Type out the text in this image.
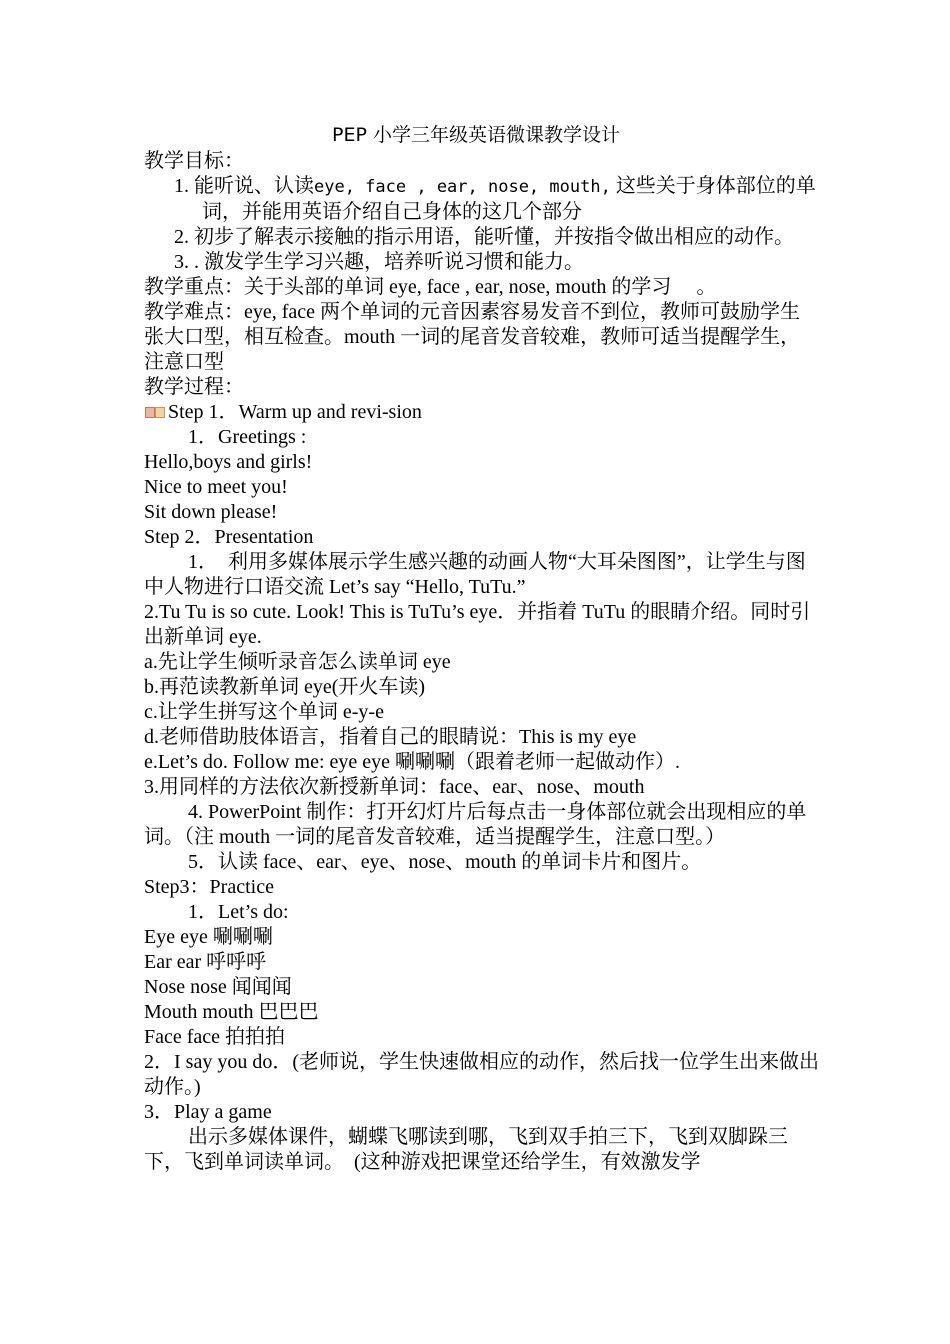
PEP 小学三年级英语微课教学设计

教学目标：

1. 能听说、认读eye, face , ear, nose, mouth, 这些关于身体部位的单词，并能用英语介绍自己身体的这几个部分

2. 初步了解表示接触的指示用语，能听懂，并按指令做出相应的动作。

3. . 激发学生学习兴趣，培养听说习惯和能力。

教学重点：关于头部的单词 eye, face , ear, nose, mouth 的学习　 。

教学难点：eye, face 两个单词的元音因素容易发音不到位，教师可鼓励学生张大口型，相互检查。mouth 一词的尾音发音较难，教师可适当提醒学生，注意口型

教学过程：

Step 1．Warm up and revi-sion

1．Greetings :

Hello,boys and girls!

Nice to meet you!

Sit down please!

Step 2．Presentation

1．　利用多媒体展示学生感兴趣的动画人物“大耳朵图图”，让学生与图中人物进行口语交流 Let’s say “Hello, TuTu.”

2.Tu Tu is so cute. Look! This is TuTu’s eye．并指着 TuTu 的眼睛介绍。同时引出新单词 eye.

a.先让学生倾听录音怎么读单词 eye

b.再范读教新单词 eye(开火车读)

c.让学生拼写这个单词 e-y-e

d.老师借助肢体语言，指着自己的眼睛说：This is my eye

e.Let’s do. Follow me: eye eye 唰唰唰（跟着老师一起做动作）.

3.用同样的方法依次新授新单词：face、ear、nose、mouth

4. PowerPoint 制作：打开幻灯片后每点击一身体部位就会出现相应的单词。（注 mouth 一词的尾音发音较难，适当提醒学生，注意口型。）

5．认读 face、ear、eye、nose、mouth 的单词卡片和图片。

Step3：Practice

1．Let’s do:

Eye eye 唰唰唰

Ear ear 呼呼呼

Nose nose 闻闻闻

Mouth mouth 巴巴巴

Face face 拍拍拍

2．I say you do．(老师说，学生快速做相应的动作，然后找一位学生出来做出动作。)

3．Play a game

出示多媒体课件，蝴蝶飞哪读到哪，飞到双手拍三下，飞到双脚跺三下，飞到单词读单词。　(这种游戏把课堂还给学生，有效激发学
